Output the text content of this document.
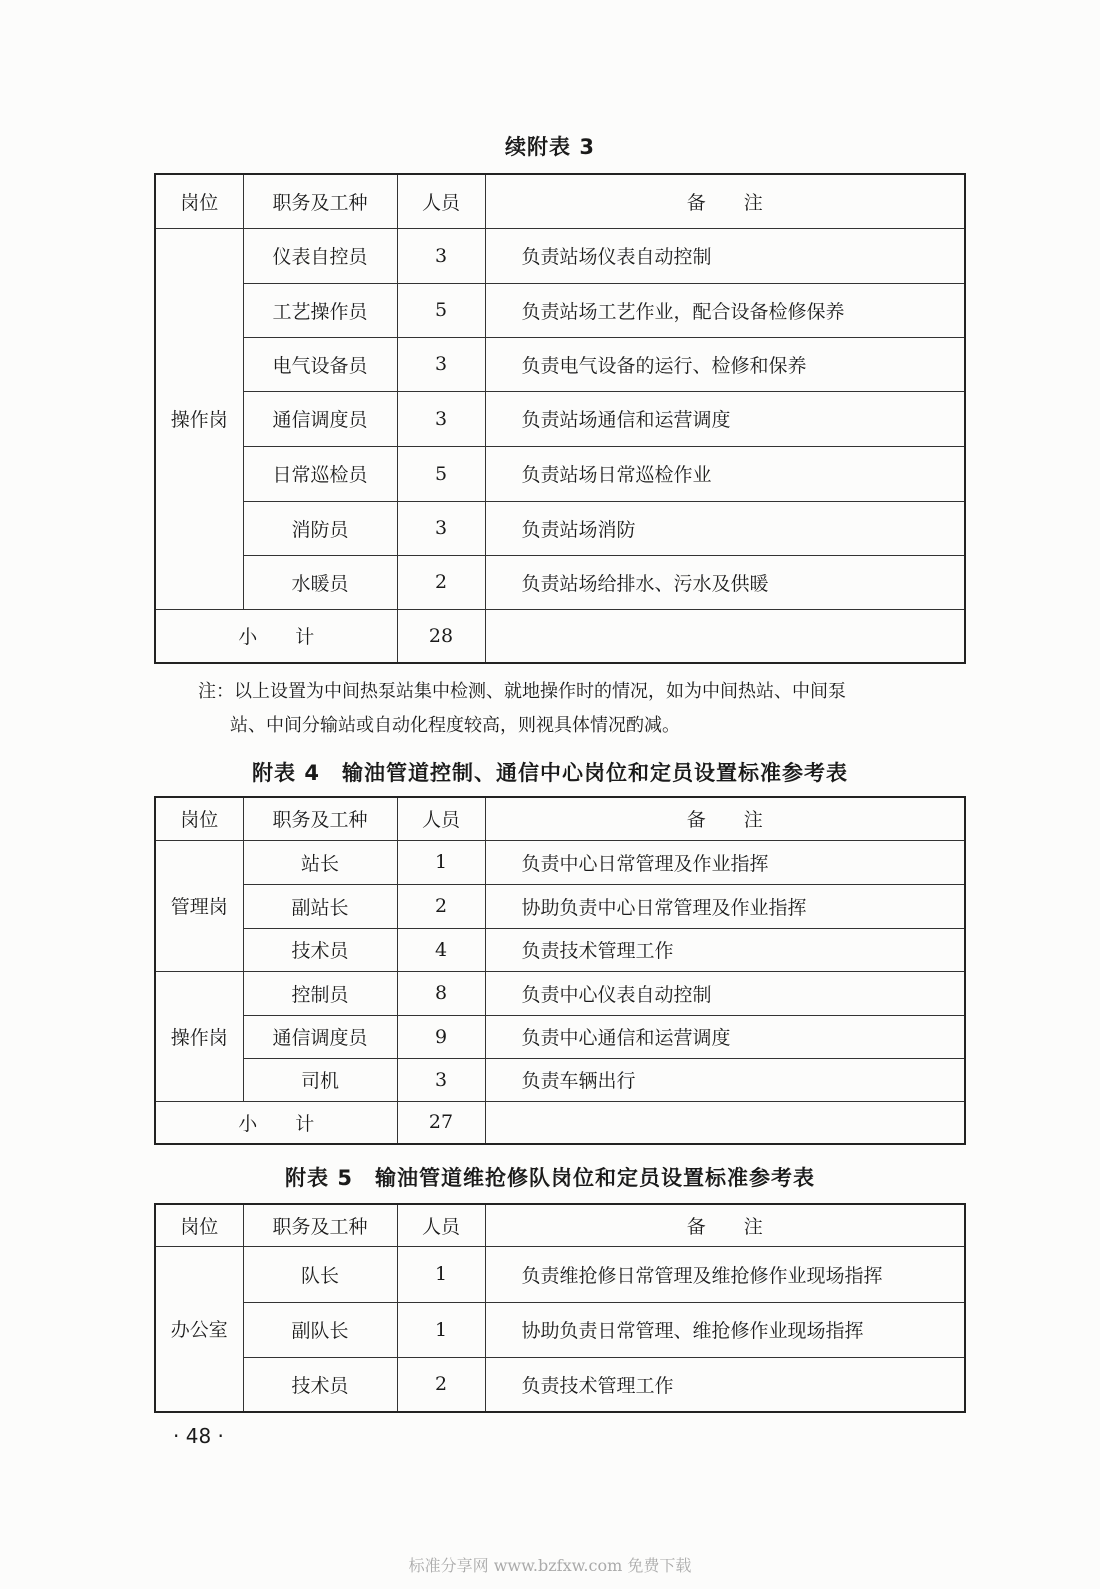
续附表 3
岗位	职务及工种	人员	备　　注
操作岗	仪表自控员	3	负责站场仪表自动控制
	工艺操作员	5	负责站场工艺作业，配合设备检修保养
	电气设备员	3	负责电气设备的运行、检修和保养
	通信调度员	3	负责站场通信和运营调度
	日常巡检员	5	负责站场日常巡检作业
	消防员	3	负责站场消防
	水暖员	2	负责站场给排水、污水及供暖
小　　计		28	
注：以上设置为中间热泵站集中检测、就地操作时的情况，如为中间热站、中间泵
站、中间分输站或自动化程度较高，则视具体情况酌减。
附表 4　输油管道控制、通信中心岗位和定员设置标准参考表
岗位	职务及工种	人员	备　　注
管理岗	站长	1	负责中心日常管理及作业指挥
	副站长	2	协助负责中心日常管理及作业指挥
	技术员	4	负责技术管理工作
操作岗	控制员	8	负责中心仪表自动控制
	通信调度员	9	负责中心通信和运营调度
	司机	3	负责车辆出行
小　　计		27	
附表 5　输油管道维抢修队岗位和定员设置标准参考表
岗位	职务及工种	人员	备　　注
办公室	队长	1	负责维抢修日常管理及维抢修作业现场指挥
	副队长	1	协助负责日常管理、维抢修作业现场指挥
	技术员	2	负责技术管理工作
· 48 ·
标准分享网 www.bzfxw.com 免费下载
